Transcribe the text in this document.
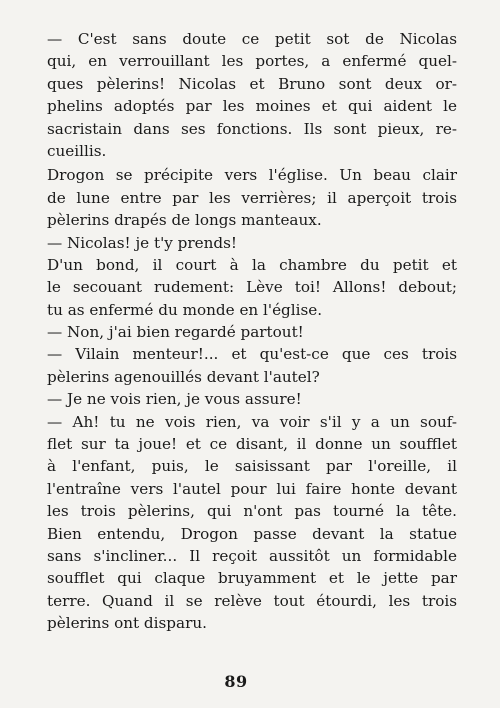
— C'est sans doute ce petit sot de Nicolas
qui, en verrouillant les portes, a enfermé quel-
ques pèlerins! Nicolas et Bruno sont deux or-
phelins adoptés par les moines et qui aident le
sacristain dans ses fonctions. Ils sont pieux, re-
cueillis.
Drogon se précipite vers l'église. Un beau clair
de lune entre par les verrières; il aperçoit trois
pèlerins drapés de longs manteaux.
— Nicolas! je t'y prends!
D'un bond, il court à la chambre du petit et
le secouant rudement: Lève toi! Allons! debout;
tu as enfermé du monde en l'église.
— Non, j'ai bien regardé partout!
— Vilain menteur!... et qu'est-ce que ces trois
pèlerins agenouillés devant l'autel?
— Je ne vois rien, je vous assure!
— Ah! tu ne vois rien, va voir s'il y a un souf-
flet sur ta joue! et ce disant, il donne un soufflet
à l'enfant, puis, le saisissant par l'oreille, il
l'entraîne vers l'autel pour lui faire honte devant
les trois pèlerins, qui n'ont pas tourné la tête.
Bien entendu, Drogon passe devant la statue
sans s'incliner... Il reçoit aussitôt un formidable
soufflet qui claque bruyamment et le jette par
terre. Quand il se relève tout étourdi, les trois
pèlerins ont disparu.
89
